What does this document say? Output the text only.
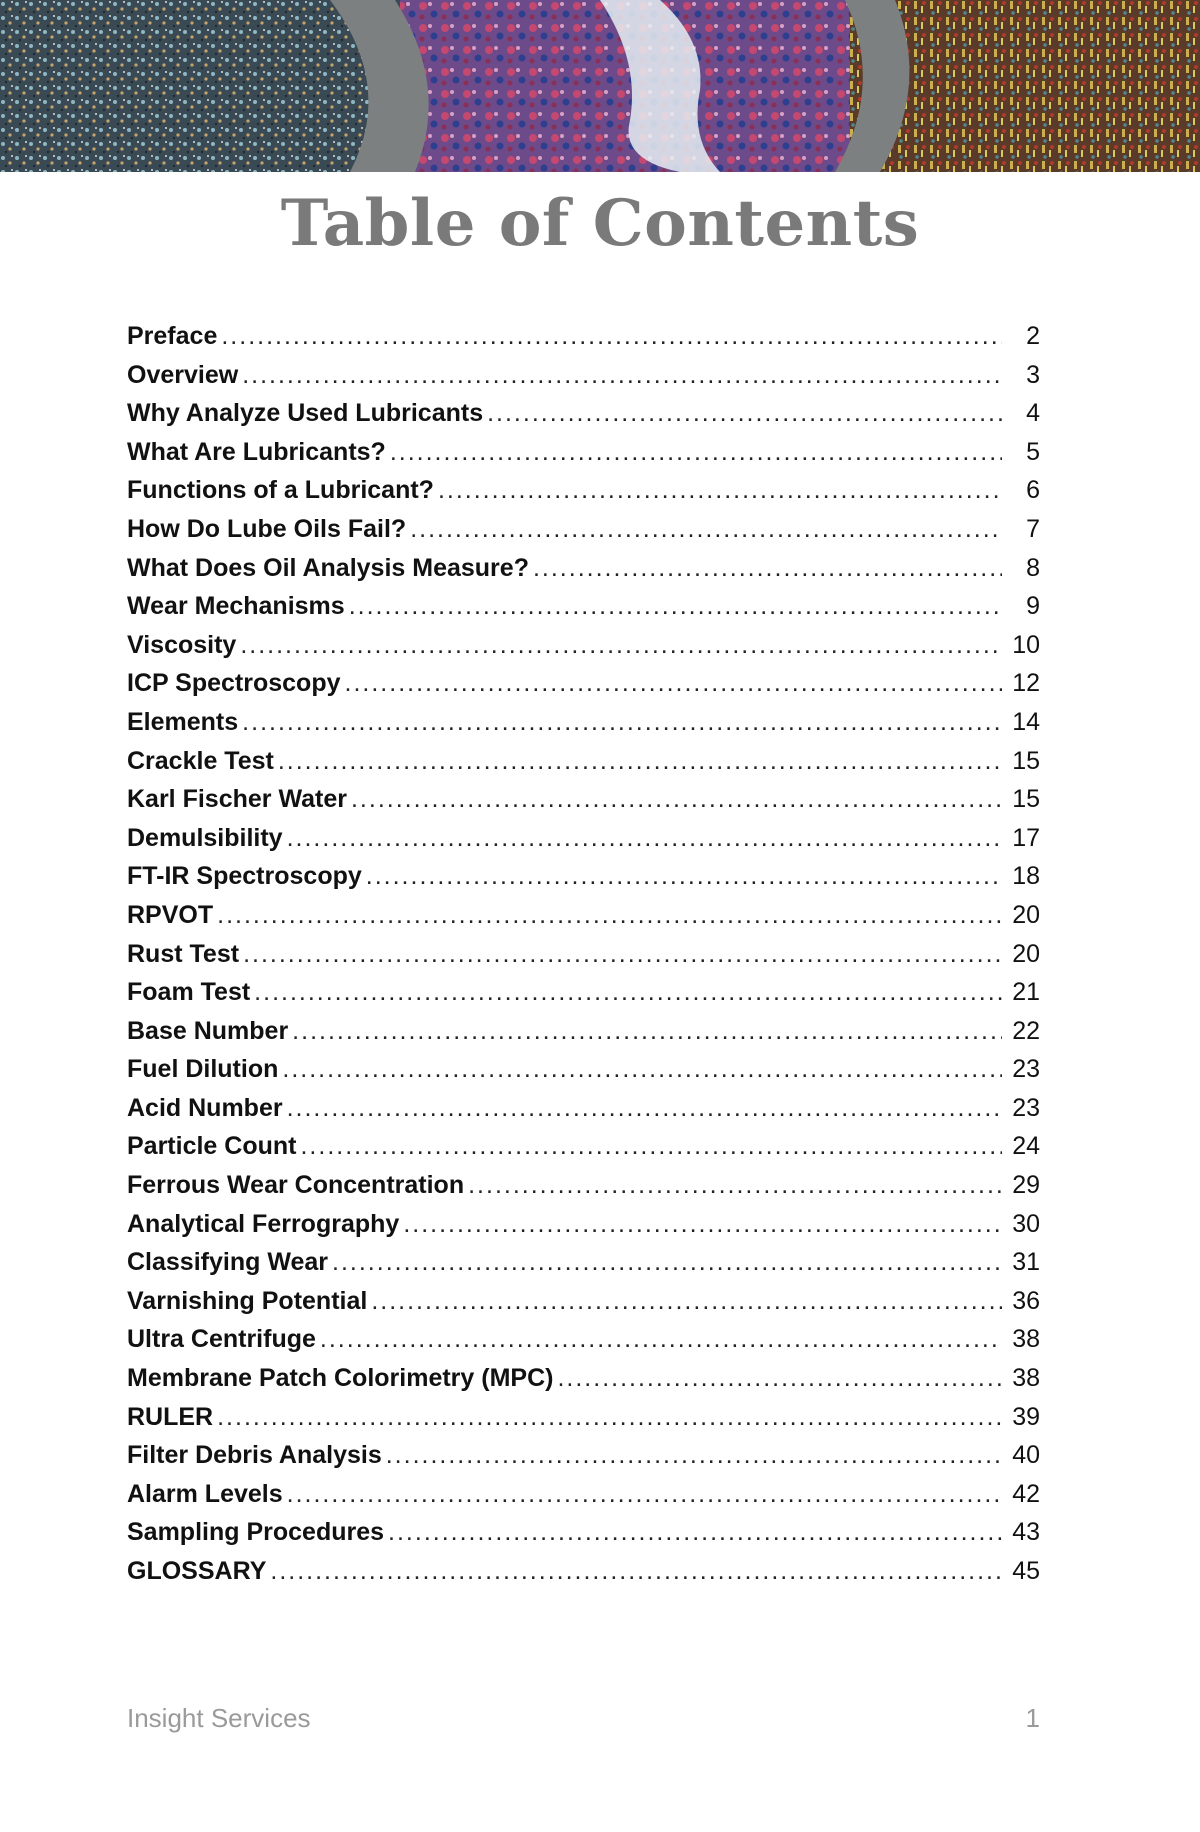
Table of Contents
Preface .....	2
Overview .....	3
Why Analyze Used Lubricants .....	4
What Are Lubricants? .....	5
Functions of a Lubricant? .....	6
How Do Lube Oils Fail? .....	7
What Does Oil Analysis Measure? .....	8
Wear Mechanisms .....	9
Viscosity .....	10
ICP Spectroscopy .....	12
Elements .....	14
Crackle Test .....	15
Karl Fischer Water .....	15
Demulsibility .....	17
FT-IR Spectroscopy .....	18
RPVOT .....	20
Rust Test .....	20
Foam Test .....	21
Base Number .....	22
Fuel Dilution .....	23
Acid Number .....	23
Particle Count .....	24
Ferrous Wear Concentration .....	29
Analytical Ferrography .....	30
Classifying Wear .....	31
Varnishing Potential .....	36
Ultra Centrifuge .....	38
Membrane Patch Colorimetry (MPC) .....	38
RULER .....	39
Filter Debris Analysis .....	40
Alarm Levels .....	42
Sampling Procedures .....	43
GLOSSARY .....	45
Insight Services	1
